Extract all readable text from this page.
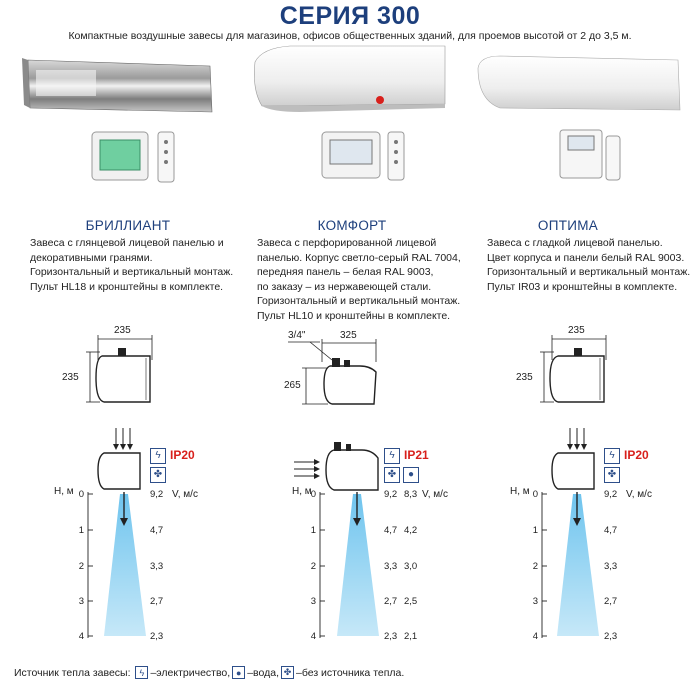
СЕРИЯ 300
Компактные воздушные завесы для магазинов, офисов общественных зданий, для проемов высотой от 2 до 3,5 м.
БРИЛЛИАНТ
Завеса с глянцевой лицевой панелью и
декоративными гранями.
Горизонтальный и вертикальный монтаж.
Пульт HL18 и кронштейны в комплекте.
КОМФОРТ
Завеса с перфорированной лицевой
панелью. Корпус светло-серый RAL 7004,
передняя панель – белая RAL 9003,
по заказу – из нержавеющей стали.
Горизонтальный и вертикальный монтаж.
Пульт HL10 и кронштейны в комплекте.
ОПТИМА
Завеса с гладкой лицевой панелью.
Цвет корпуса и панели белый RAL 9003.
Горизонтальный и вертикальный монтаж.
Пульт IR03 и кронштейны в комплекте.
235
235
3/4"	325
265
235
235
ϟ IP20
✤
ϟ IP21
✤	●
ϟ IP20
✤
H, м	V, м/с
0
1
2
3
4
9,2
4,7
3,3
2,7
2,3
H, м	V, м/с
0
1
2
3
4
9,2
4,7
3,3
2,7
2,3
8,3
4,2
3,0
2,5
2,1
H, м	V, м/с
0
1
2
3
4
9,2
4,7
3,3
2,7
2,3
Источник тепла завесы:
	ϟ –электричество, ● –вода, ✤ –без источника тепла.
